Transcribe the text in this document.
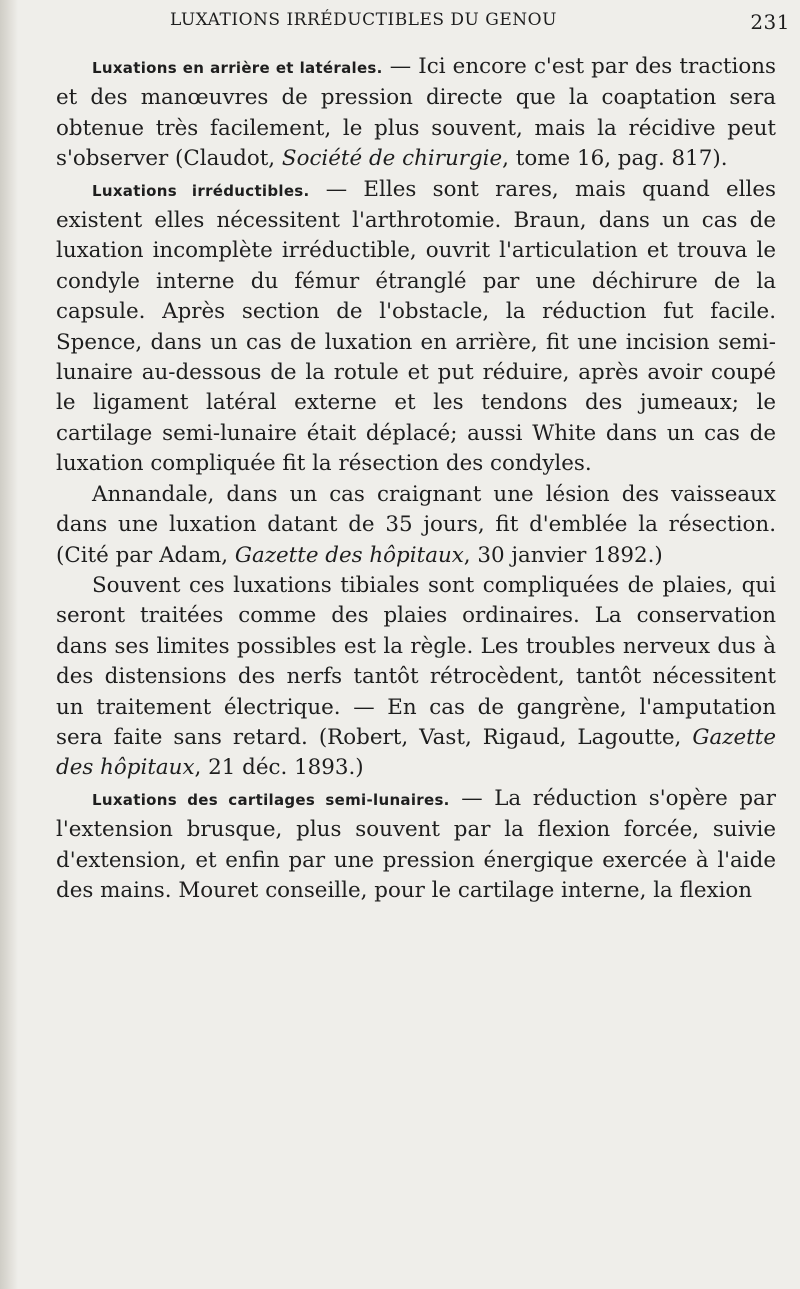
LUXATIONS IRRÉDUCTIBLES DU GENOU	231

Luxations en arrière et latérales. — Ici encore c'est par des tractions et des manœuvres de pression directe que la coaptation sera obtenue très facilement, le plus souvent, mais la récidive peut s'observer (Claudot, Société de chirurgie, tome 16, pag. 817).

Luxations irréductibles. — Elles sont rares, mais quand elles existent elles nécessitent l'arthrotomie. Braun, dans un cas de luxation incomplète irréductible, ouvrit l'articulation et trouva le condyle interne du fémur étranglé par une déchirure de la capsule. Après section de l'obstacle, la réduction fut facile. Spence, dans un cas de luxation en arrière, fit une incision semi-lunaire au-dessous de la rotule et put réduire, après avoir coupé le ligament latéral externe et les tendons des jumeaux; le cartilage semi-lunaire était déplacé; aussi White dans un cas de luxation compliquée fit la résection des condyles.

Annandale, dans un cas craignant une lésion des vaisseaux dans une luxation datant de 35 jours, fit d'emblée la résection. (Cité par Adam, Gazette des hôpitaux, 30 janvier 1892.)

Souvent ces luxations tibiales sont compliquées de plaies, qui seront traitées comme des plaies ordinaires. La conservation dans ses limites possibles est la règle. Les troubles nerveux dus à des distensions des nerfs tantôt rétrocèdent, tantôt nécessitent un traitement électrique. — En cas de gangrène, l'amputation sera faite sans retard. (Robert, Vast, Rigaud, Lagoutte, Gazette des hôpitaux, 21 déc. 1893.)

Luxations des cartilages semi-lunaires. — La réduction s'opère par l'extension brusque, plus souvent par la flexion forcée, suivie d'extension, et enfin par une pression énergique exercée à l'aide des mains. Mouret conseille, pour le cartilage interne, la flexion
